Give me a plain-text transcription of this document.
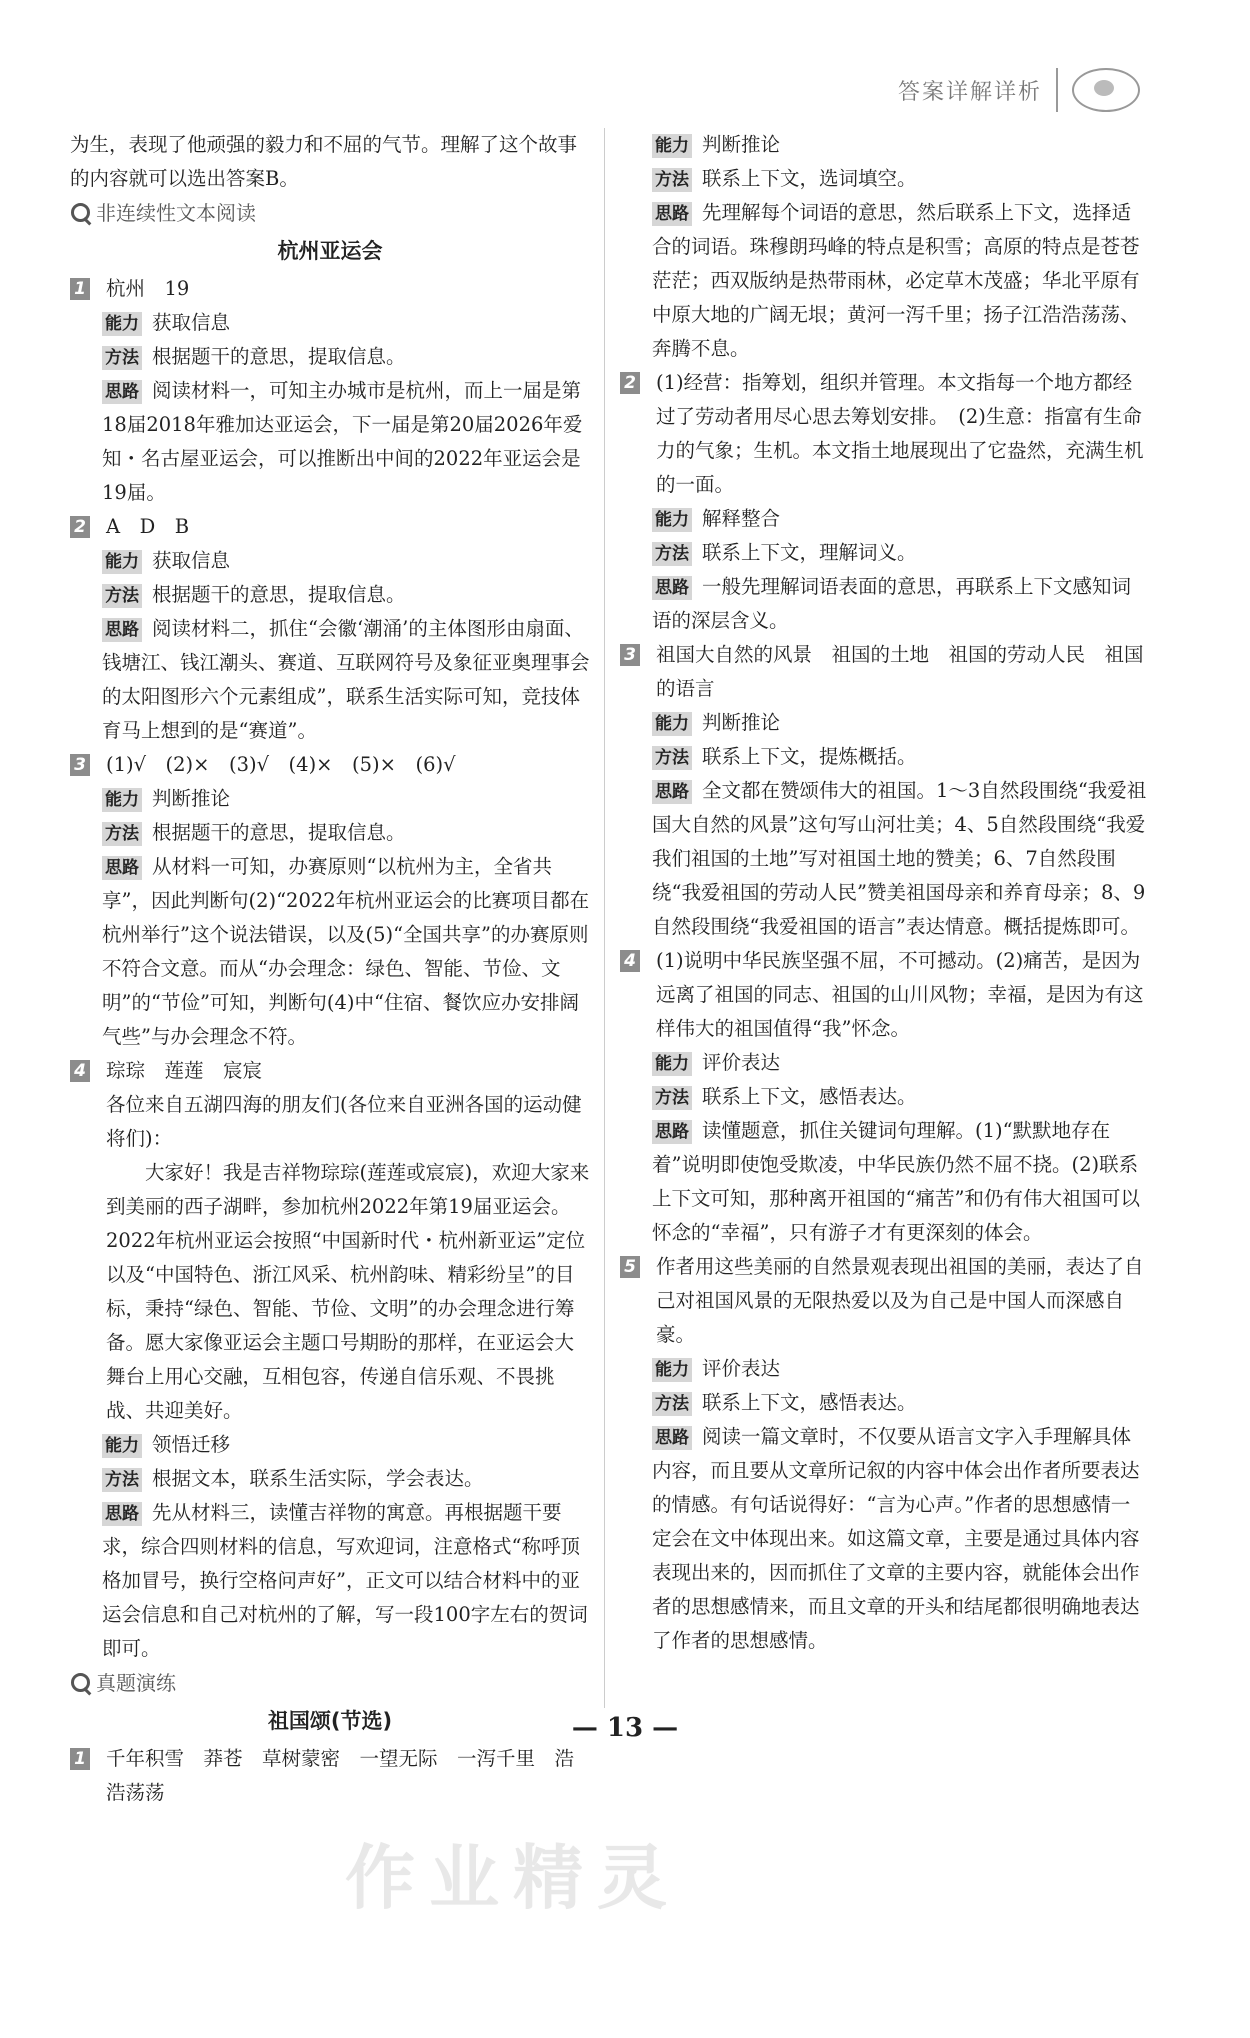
答案详解详析

为生，表现了他顽强的毅力和不屈的气节。理解了这个故事的内容就可以选出答案B。

非连续性文本阅读
杭州亚运会
1 杭州　19

能力 获取信息

方法 根据题干的意思，提取信息。

思路 阅读材料一，可知主办城市是杭州，而上一届是第18届2018年雅加达亚运会，下一届是第20届2026年爱知・名古屋亚运会，可以推断出中间的2022年亚运会是19届。

2 A　D　B

能力 获取信息

方法 根据题干的意思，提取信息。

思路 阅读材料二，抓住“会徽‘潮涌’的主体图形由扇面、钱塘江、钱江潮头、赛道、互联网符号及象征亚奥理事会的太阳图形六个元素组成”，联系生活实际可知，竞技体育马上想到的是“赛道”。

3 (1)√　(2)×　(3)√　(4)×　(5)×　(6)√

能力 判断推论

方法 根据题干的意思，提取信息。

思路 从材料一可知，办赛原则“以杭州为主，全省共享”，因此判断句(2)“2022年杭州亚运会的比赛项目都在杭州举行”这个说法错误，以及(5)“全国共享”的办赛原则不符合文意。而从“办会理念：绿色、智能、节俭、文明”的“节俭”可知，判断句(4)中“住宿、餐饮应办安排阔气些”与办会理念不符。

4 琮琮　莲莲　宸宸

各位来自五湖四海的朋友们(各位来自亚洲各国的运动健将们)：

大家好！我是吉祥物琮琮(莲莲或宸宸)，欢迎大家来到美丽的西子湖畔，参加杭州2022年第19届亚运会。2022年杭州亚运会按照“中国新时代・杭州新亚运”定位以及“中国特色、浙江风采、杭州韵味、精彩纷呈”的目标，秉持“绿色、智能、节俭、文明”的办会理念进行筹备。愿大家像亚运会主题口号期盼的那样，在亚运会大舞台上用心交融，互相包容，传递自信乐观、不畏挑战、共迎美好。

能力 领悟迁移

方法 根据文本，联系生活实际，学会表达。

思路 先从材料三，读懂吉祥物的寓意。再根据题干要求，综合四则材料的信息，写欢迎词，注意格式“称呼顶格加冒号，换行空格问声好”，正文可以结合材料中的亚运会信息和自己对杭州的了解，写一段100字左右的贺词即可。

真题演练
祖国颂(节选)
1 千年积雪　莽苍　草树蒙密　一望无际　一泻千里　浩浩荡荡

能力 判断推论

方法 联系上下文，选词填空。

思路 先理解每个词语的意思，然后联系上下文，选择适合的词语。珠穆朗玛峰的特点是积雪；高原的特点是苍苍茫茫；西双版纳是热带雨林，必定草木茂盛；华北平原有中原大地的广阔无垠；黄河一泻千里；扬子江浩浩荡荡、奔腾不息。

2 (1)经营：指筹划，组织并管理。本文指每一个地方都经过了劳动者用尽心思去筹划安排。　(2)生意：指富有生命力的气象；生机。本文指土地展现出了它盎然，充满生机的一面。

能力 解释整合

方法 联系上下文，理解词义。

思路 一般先理解词语表面的意思，再联系上下文感知词语的深层含义。

3 祖国大自然的风景　祖国的土地　祖国的劳动人民　祖国的语言

能力 判断推论

方法 联系上下文，提炼概括。

思路 全文都在赞颂伟大的祖国。1～3自然段围绕“我爱祖国大自然的风景”这句写山河壮美；4、5自然段围绕“我爱我们祖国的土地”写对祖国土地的赞美；6、7自然段围绕“我爱祖国的劳动人民”赞美祖国母亲和养育母亲；8、9自然段围绕“我爱祖国的语言”表达情意。概括提炼即可。

4 (1)说明中华民族坚强不屈，不可撼动。(2)痛苦，是因为远离了祖国的同志、祖国的山川风物；幸福，是因为有这样伟大的祖国值得“我”怀念。

能力 评价表达

方法 联系上下文，感悟表达。

思路 读懂题意，抓住关键词句理解。(1)“默默地存在着”说明即使饱受欺凌，中华民族仍然不屈不挠。(2)联系上下文可知，那种离开祖国的“痛苦”和仍有伟大祖国可以怀念的“幸福”，只有游子才有更深刻的体会。

5 作者用这些美丽的自然景观表现出祖国的美丽，表达了自己对祖国风景的无限热爱以及为自己是中国人而深感自豪。

能力 评价表达

方法 联系上下文，感悟表达。

思路 阅读一篇文章时，不仅要从语言文字入手理解具体内容，而且要从文章所记叙的内容中体会出作者所要表达的情感。有句话说得好：“言为心声。”作者的思想感情一定会在文中体现出来。如这篇文章，主要是通过具体内容表现出来的，因而抓住了文章的主要内容，就能体会出作者的思想感情来，而且文章的开头和结尾都很明确地表达了作者的思想感情。

— 13 —
作业精灵
